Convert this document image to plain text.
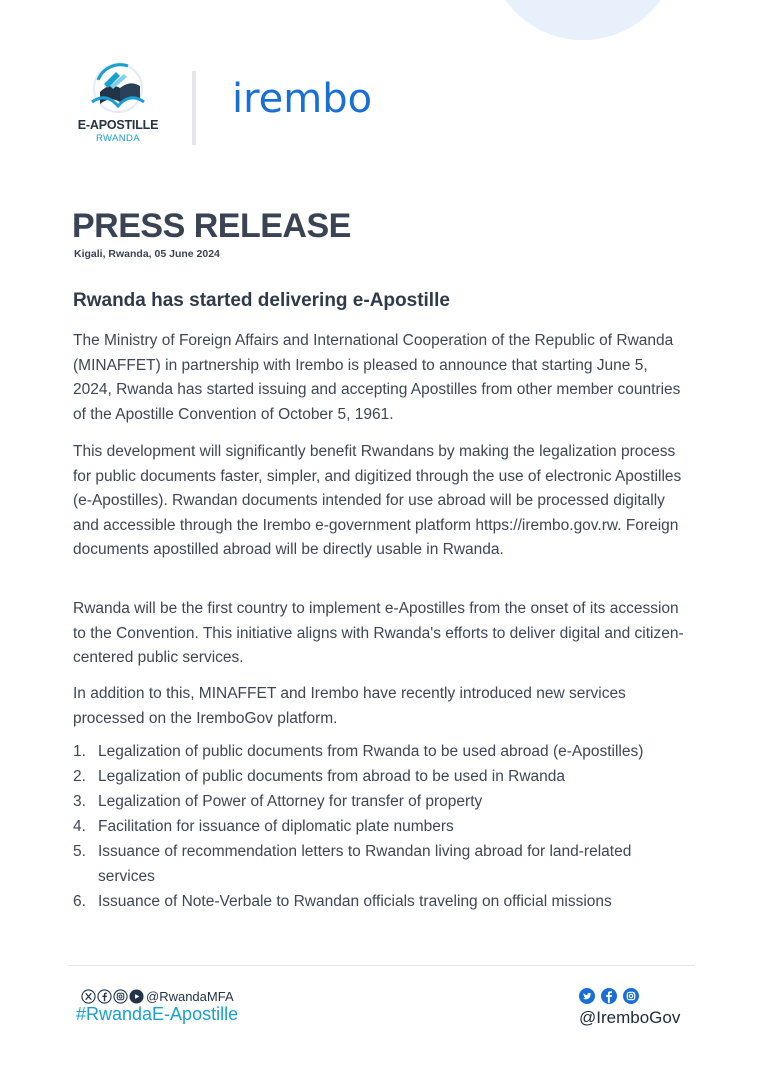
E-APOSTILLE
RWANDA
irembo
PRESS RELEASE
Kigali, Rwanda, 05 June 2024
Rwanda has started delivering e-Apostille

The Ministry of Foreign Affairs and International Cooperation of the Republic of Rwanda (MINAFFET) in partnership with Irembo is pleased to announce that starting June 5, 2024, Rwanda has started issuing and accepting Apostilles from other member countries of the Apostille Convention of October 5, 1961.

This development will significantly benefit Rwandans by making the legalization process for public documents faster, simpler, and digitized through the use of electronic Apostilles (e-Apostilles). Rwandan documents intended for use abroad will be processed digitally and accessible through the Irembo e-government platform https://irembo.gov.rw. Foreign documents apostilled abroad will be directly usable in Rwanda.

Rwanda will be the first country to implement e-Apostilles from the onset of its accession to the Convention. This initiative aligns with Rwanda's efforts to deliver digital and citizen-centered public services.

In addition to this, MINAFFET and Irembo have recently introduced new services processed on the IremboGov platform.

1. Legalization of public documents from Rwanda to be used abroad (e-Apostilles)
2. Legalization of public documents from abroad to be used in Rwanda
3. Legalization of Power of Attorney for transfer of property
4. Facilitation for issuance of diplomatic plate numbers
5. Issuance of recommendation letters to Rwandan living abroad for land-related services
6. Issuance of Note-Verbale to Rwandan officials traveling on official missions
@RwandaMFA
#RwandaE-Apostille	@IremboGov
